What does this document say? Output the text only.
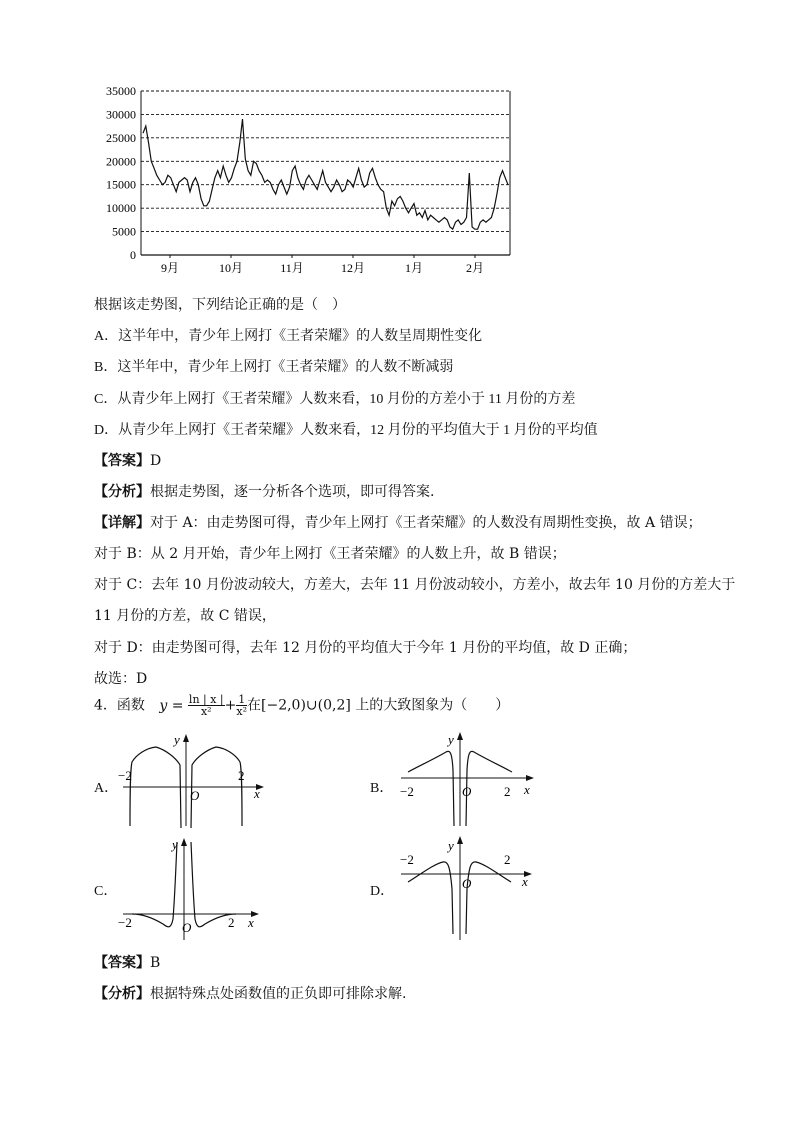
35000
30000
25000
20000
15000
10000
5000
0
9月	10月	11月	12月	1月	2月
根据该走势图，下列结论正确的是（　）
A．这半年中，青少年上网打《王者荣耀》的人数呈周期性变化
B．这半年中，青少年上网打《王者荣耀》的人数不断减弱
C．从青少年上网打《王者荣耀》人数来看，10 月份的方差小于 11 月份的方差
D．从青少年上网打《王者荣耀》人数来看，12 月份的平均值大于 1 月份的平均值
【答案】D
【分析】根据走势图，逐一分析各个选项，即可得答案.
【详解】对于 A：由走势图可得，青少年上网打《王者荣耀》的人数没有周期性变换，故 A 错误；
对于 B：从 2 月开始，青少年上网打《王者荣耀》的人数上升，故 B 错误；
对于 C：去年 10 月份波动较大，方差大，去年 11 月份波动较小，方差小，故去年 10 月份的方差大于
11 月份的方差，故 C 错误，
对于 D：由走势图可得，去年 12 月份的平均值大于今年 1 月份的平均值，故 D 正确；
故选：D
4．函数 $y = \frac{\ln | x |}{\text{x²}} + \frac{1}{\text{x²}}$ 在[−2,0)∪(0,2] 上的大致图象为（　　）
A．
−2	2
y
x
O	B． −2	2
y
x
O
C．
−2	2
y
x
O
D．
−2	2
y
x
O
【答案】B
【分析】根据特殊点处函数值的正负即可排除求解.
